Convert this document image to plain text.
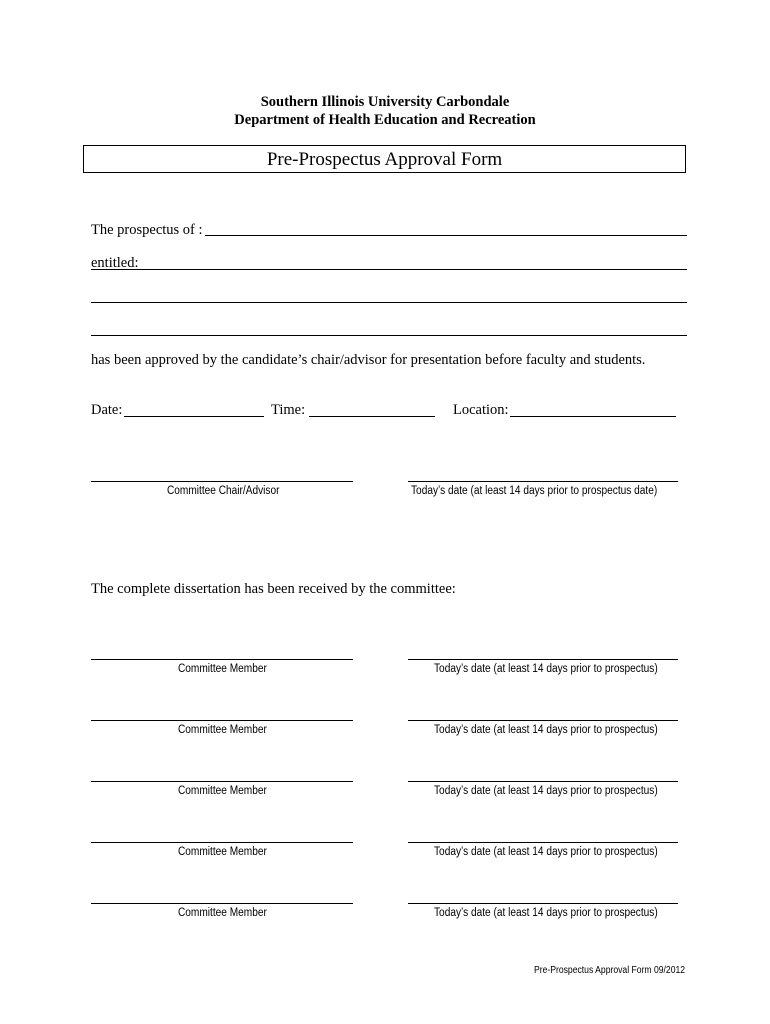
Southern Illinois University Carbondale
Department of Health Education and Recreation
Pre-Prospectus Approval Form
The prospectus of :
entitled:
has been approved by the candidate’s chair/advisor for presentation before faculty and students.
Date:	Time:	Location:
Committee Chair/Advisor	Today’s date (at least 14 days prior to prospectus date)
The complete dissertation has been received by the committee:
Committee Member	Today’s date (at least 14 days prior to prospectus)
Committee Member	Today’s date (at least 14 days prior to prospectus)
Committee Member	Today’s date (at least 14 days prior to prospectus)
Committee Member	Today’s date (at least 14 days prior to prospectus)
Committee Member	Today’s date (at least 14 days prior to prospectus)
Pre-Prospectus Approval Form 09/2012
